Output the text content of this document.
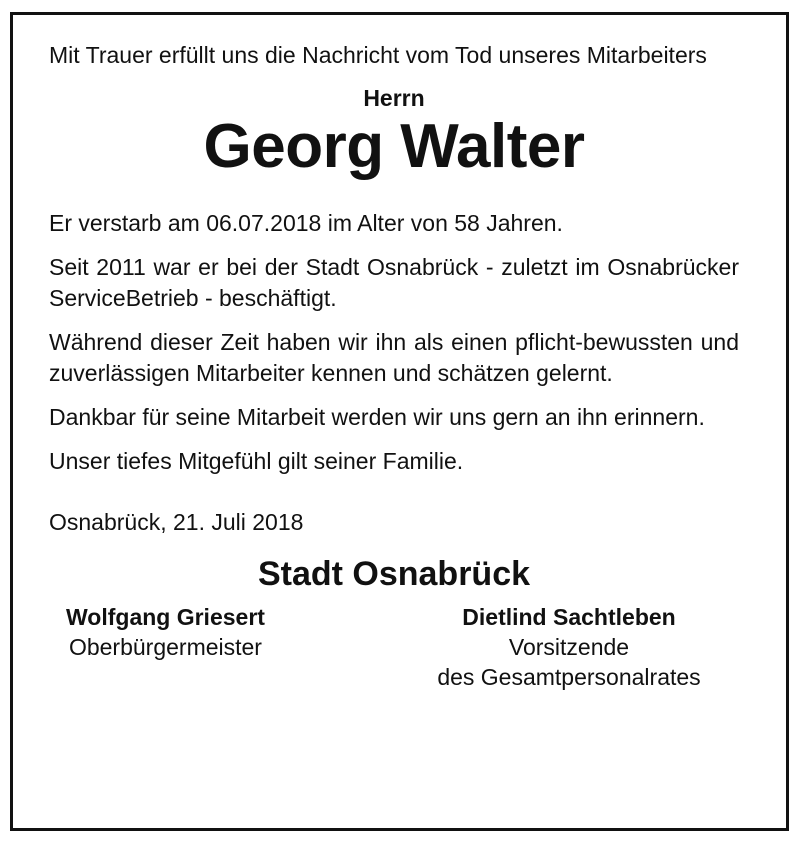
Mit Trauer erfüllt uns die Nachricht vom Tod unseres Mitarbeiters

Herrn
Georg Walter

Er verstarb am 06.07.2018 im Alter von 58 Jahren.

Seit 2011 war er bei der Stadt Osnabrück - zuletzt im Osnabrücker ServiceBetrieb - beschäftigt.

Während dieser Zeit haben wir ihn als einen pflicht-bewussten und zuverlässigen Mitarbeiter kennen und schätzen gelernt.

Dankbar für seine Mitarbeit werden wir uns gern an ihn erinnern.

Unser tiefes Mitgefühl gilt seiner Familie.

Osnabrück, 21. Juli 2018

Stadt Osnabrück
Wolfgang Griesert
Oberbürgermeister
Dietlind Sachtleben
Vorsitzende
des Gesamtpersonalrates
